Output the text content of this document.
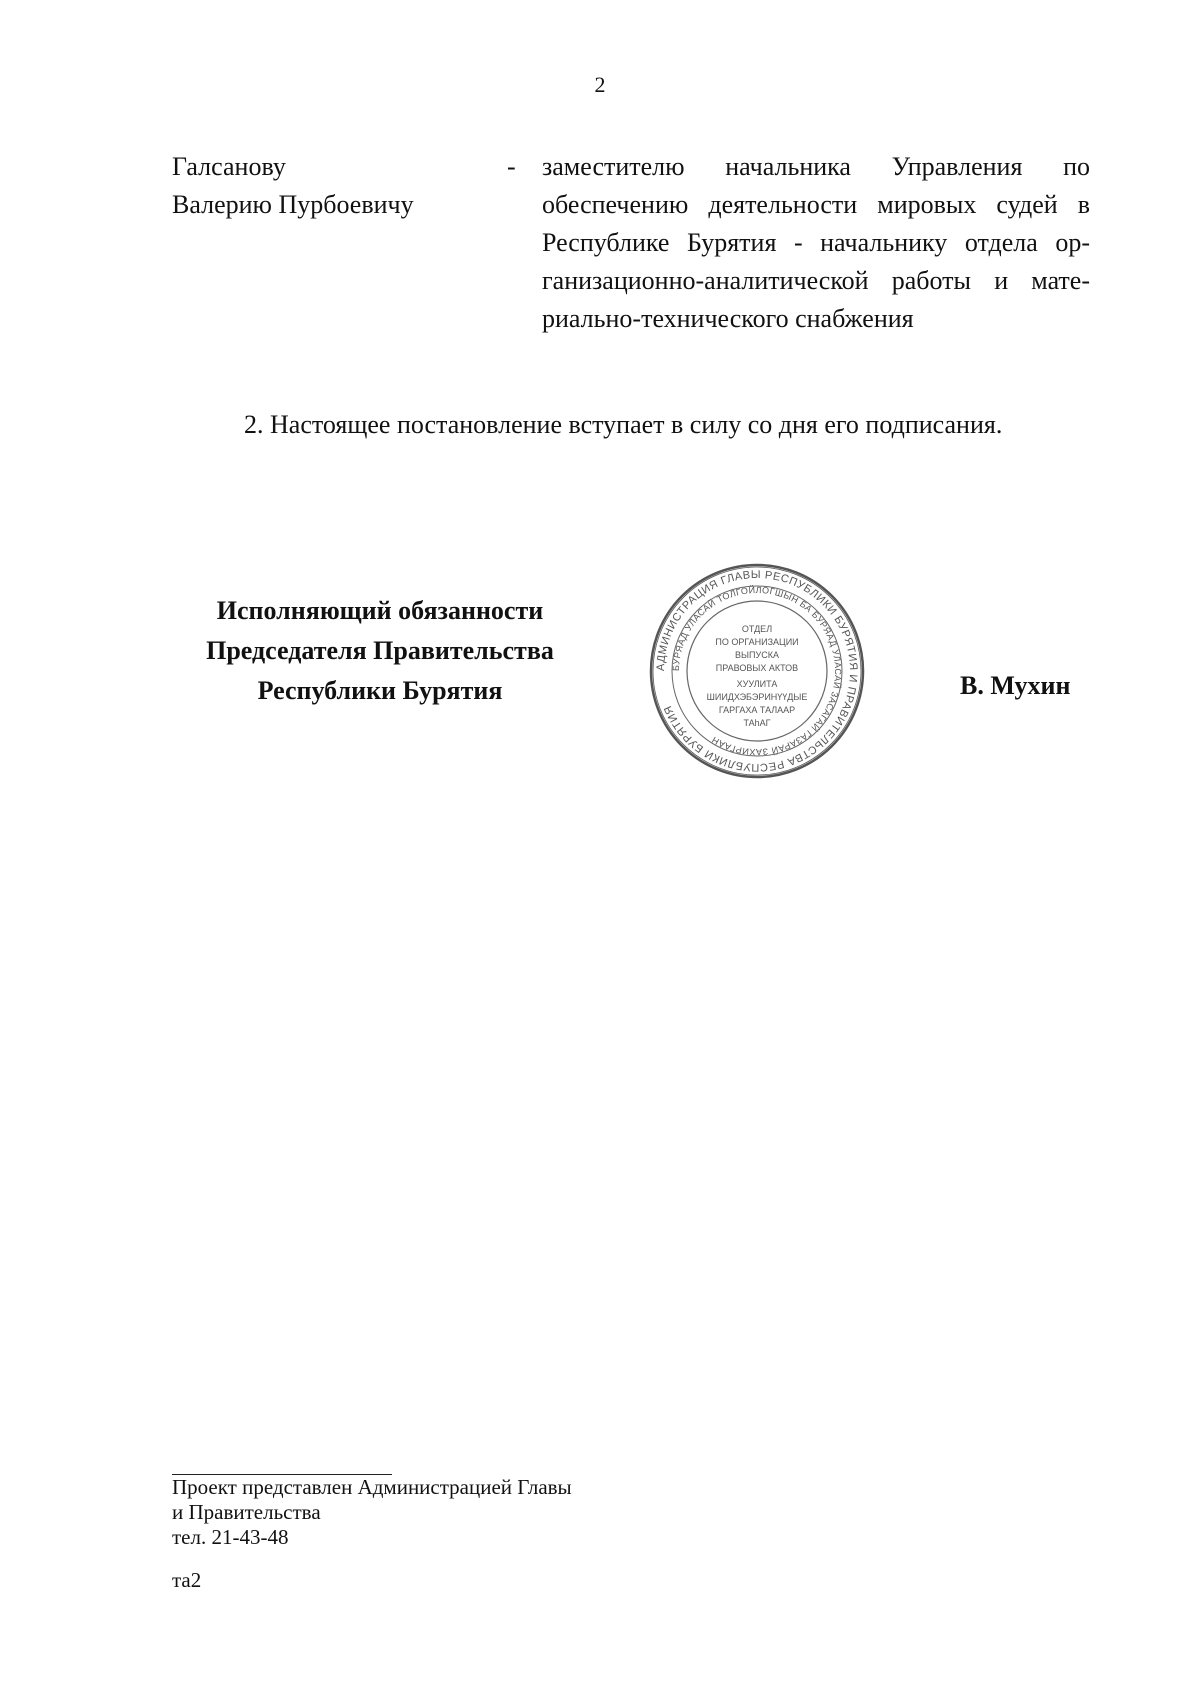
2
Галсанову
Валерию Пурбоевичу
- заместителю начальника Управления по
обеспечению деятельности мировых судей в
Республике Бурятия - начальнику отдела ор-
ганизационно-аналитической работы и мате-
риально-технического снабжения
2. Настоящее постановление вступает в силу со дня его подписания.
Исполняющий обязанности
Председателя Правительства
Республики Бурятия
АДМИНИСТРАЦИЯ ГЛАВЫ РЕСПУБЛИКИ БУРЯТИЯ И ПРАВИТЕЛЬСТВА РЕСПУБЛИКИ БУРЯТИЯ
БУРЯАД УЛАСАЙ ТОЛГОЙЛОГШЫН БА БУРЯАД УЛАСАЙ ЗАСАГАЙ ГАЗАРАЙ ЗАХИРГААН
ОТДЕЛ
ПО ОРГАНИЗАЦИИ
ВЫПУСКА
ПРАВОВЫХ АКТОВ
ХУУЛИТА
ШИИДХЭБЭРИНҮҮДЫЕ
ГАРГАХА ТАЛААР
ТАһАГ
В. Мухин
Проект представлен Администрацией Главы
и Правительства
тел. 21-43-48
та2
